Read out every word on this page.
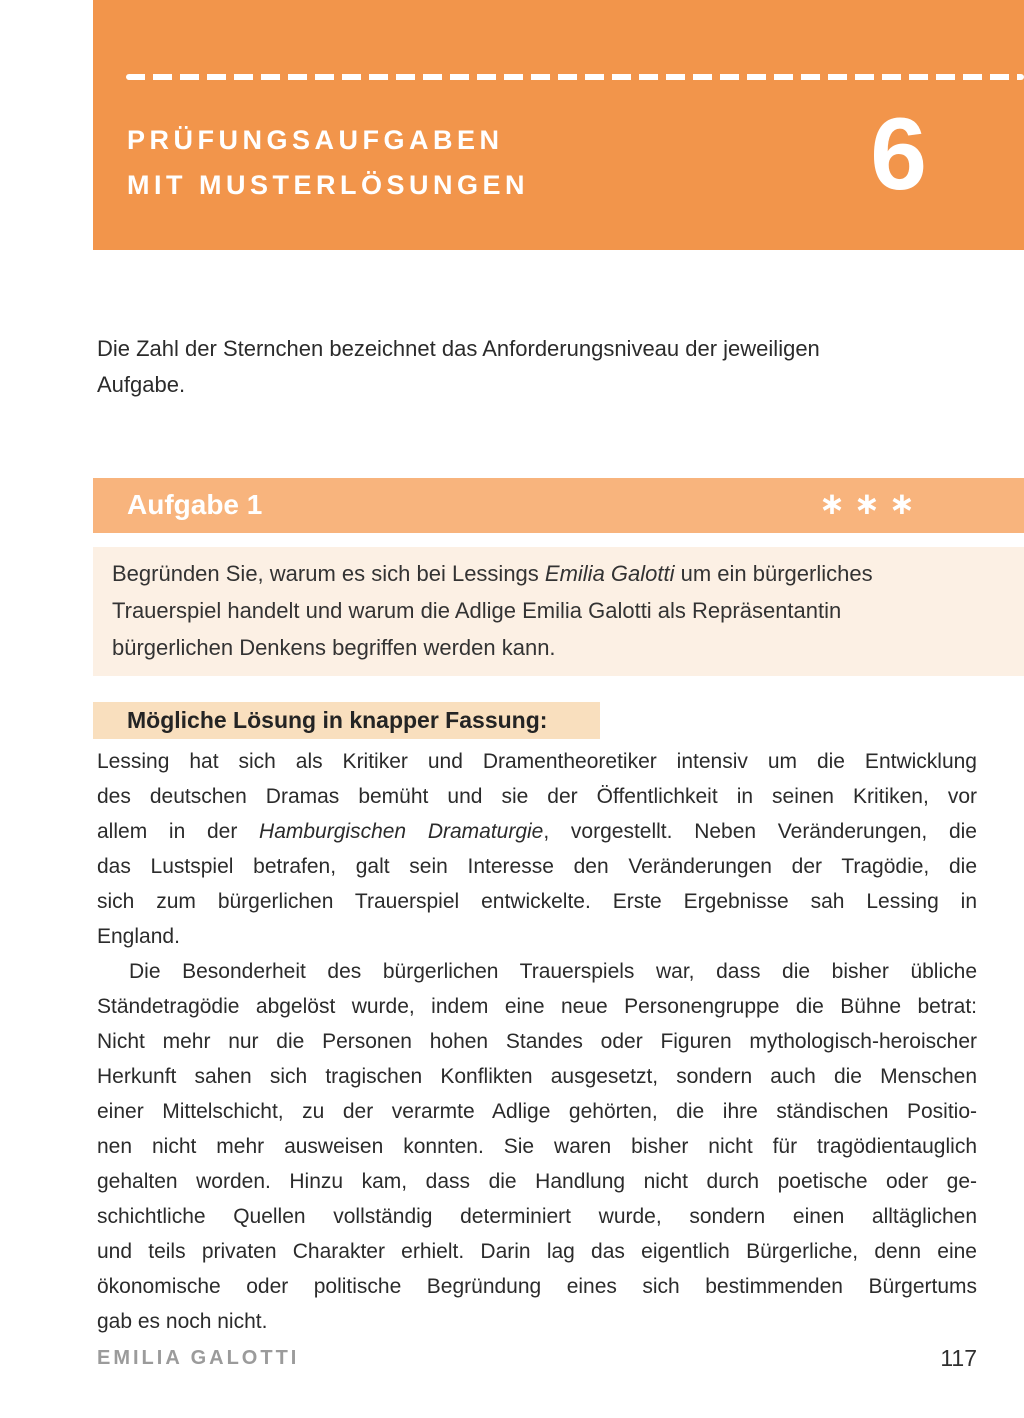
PRÜFUNGSAUFGABEN
MIT MUSTERLÖSUNGEN	6
Die Zahl der Sternchen bezeichnet das Anforderungsniveau der jeweiligen
Aufgabe.
Aufgabe 1	∗∗∗
Begründen Sie, warum es sich bei Lessings Emilia Galotti um ein bürgerliches
Trauerspiel handelt und warum die Adlige Emilia Galotti als Repräsentantin
bürgerlichen Denkens begriffen werden kann.
Mögliche Lösung in knapper Fassung:
Lessing hat sich als Kritiker und Dramentheoretiker intensiv um die Entwicklung
des deutschen Dramas bemüht und sie der Öffentlichkeit in seinen Kritiken, vor
allem in der Hamburgischen Dramaturgie, vorgestellt. Neben Veränderungen, die
das Lustspiel betrafen, galt sein Interesse den Veränderungen der Tragödie, die
sich zum bürgerlichen Trauerspiel entwickelte. Erste Ergebnisse sah Lessing in
England.
Die Besonderheit des bürgerlichen Trauerspiels war, dass die bisher übliche
Ständetragödie abgelöst wurde, indem eine neue Personengruppe die Bühne betrat:
Nicht mehr nur die Personen hohen Standes oder Figuren mythologisch-heroischer
Herkunft sahen sich tragischen Konflikten ausgesetzt, sondern auch die Menschen
einer Mittelschicht, zu der verarmte Adlige gehörten, die ihre ständischen Positio-
nen nicht mehr ausweisen konnten. Sie waren bisher nicht für tragödientauglich
gehalten worden. Hinzu kam, dass die Handlung nicht durch poetische oder ge-
schichtliche Quellen vollständig determiniert wurde, sondern einen alltäglichen
und teils privaten Charakter erhielt. Darin lag das eigentlich Bürgerliche, denn eine
ökonomische oder politische Begründung eines sich bestimmenden Bürgertums
gab es noch nicht.
EMILIA GALOTTI	117
